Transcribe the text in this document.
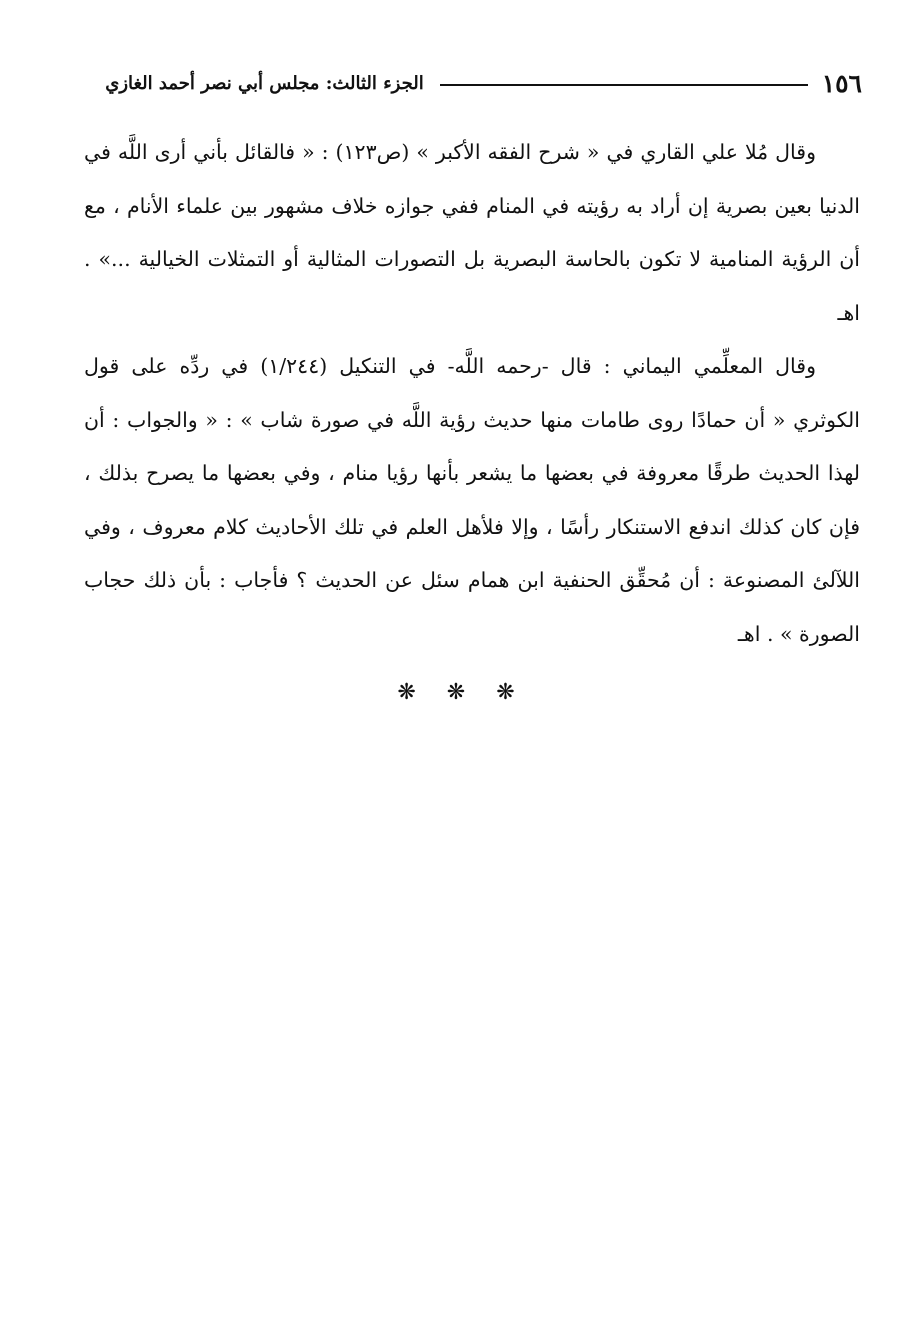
١٥٦
الجزء الثالث: مجلس أبي نصر أحمد الغازي

وقال مُلا علي القاري في « شرح الفقه الأكبر » (ص١٢٣) : « فالقائل بأني أرى اللَّه في الدنيا بعين بصرية إن أراد به رؤيته في المنام ففي جوازه خلاف مشهور بين علماء الأنام ، مع أن الرؤية المنامية لا تكون بالحاسة البصرية بل التصورات المثالية أو التمثلات الخيالية ...» . اهـ

وقال المعلِّمي اليماني : قال -رحمه اللَّه- في التنكيل (١/٢٤٤) في ردِّه على قول الكوثري « أن حمادًا روى طامات منها حديث رؤية اللَّه في صورة شاب » : « والجواب : أن لهذا الحديث طرقًا معروفة في بعضها ما يشعر بأنها رؤيا منام ، وفي بعضها ما يصرح بذلك ، فإن كان كذلك اندفع الاستنكار رأسًا ، وإلا فلأهل العلم في تلك الأحاديث كلام معروف ، وفي اللآلئ المصنوعة : أن مُحقِّق الحنفية ابن همام سئل عن الحديث ؟ فأجاب : بأن ذلك حجاب الصورة » . اهـ

❋ ❋ ❋
